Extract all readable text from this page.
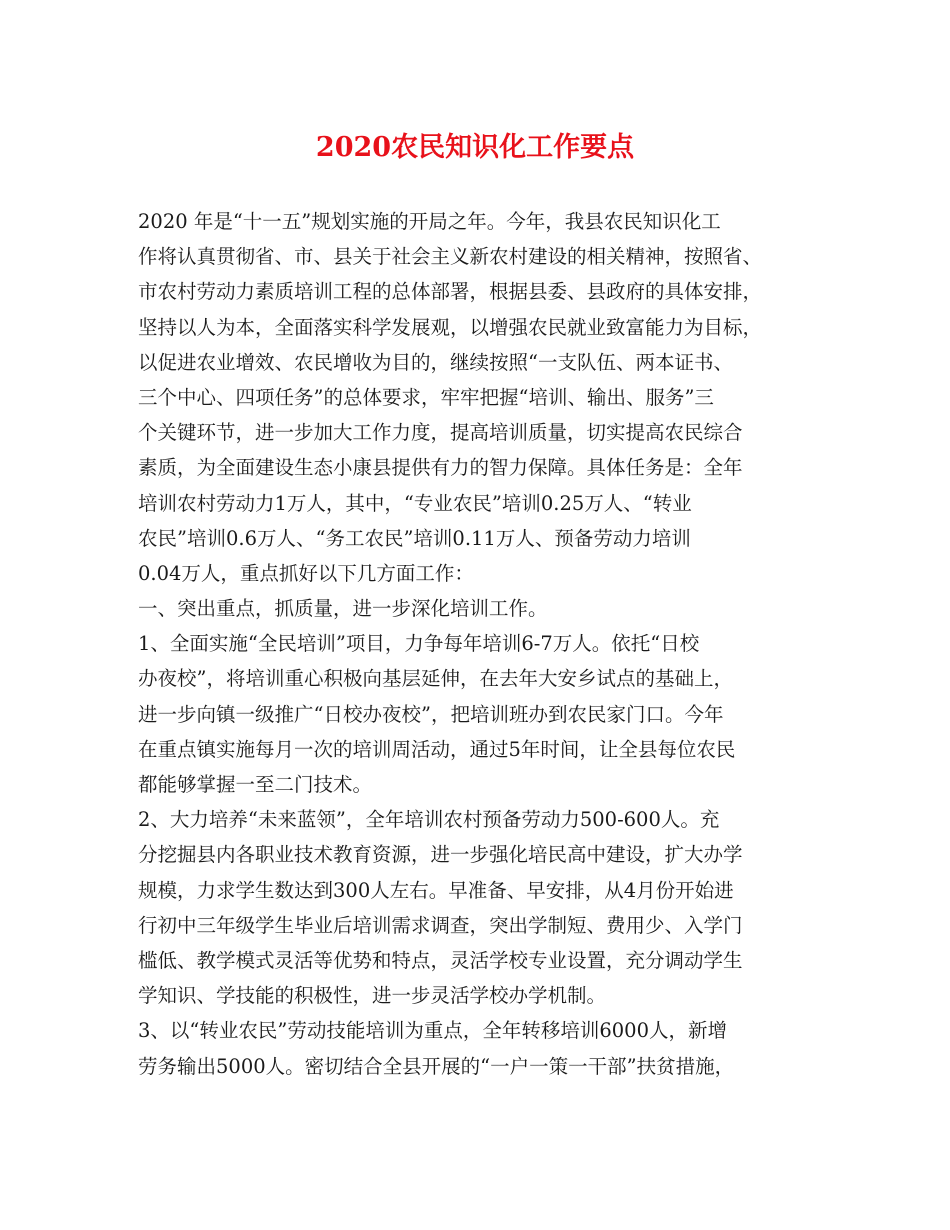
2020农民知识化工作要点
2020 年是“十一五”规划实施的开局之年。今年，我县农民知识化工
作将认真贯彻省、市、县关于社会主义新农村建设的相关精神，按照省、
市农村劳动力素质培训工程的总体部署，根据县委、县政府的具体安排，
坚持以人为本，全面落实科学发展观，以增强农民就业致富能力为目标，
以促进农业增效、农民增收为目的，继续按照“一支队伍、两本证书、
三个中心、四项任务”的总体要求，牢牢把握“培训、输出、服务”三
个关键环节，进一步加大工作力度，提高培训质量，切实提高农民综合
素质，为全面建设生态小康县提供有力的智力保障。具体任务是：全年
培训农村劳动力1万人，其中，“专业农民”培训0.25万人、“转业
农民”培训0.6万人、“务工农民”培训0.11万人、预备劳动力培训
0.04万人，重点抓好以下几方面工作：
一、突出重点，抓质量，进一步深化培训工作。
1、全面实施“全民培训”项目，力争每年培训6-7万人。依托“日校
办夜校”，将培训重心积极向基层延伸，在去年大安乡试点的基础上，
进一步向镇一级推广“日校办夜校”，把培训班办到农民家门口。今年
在重点镇实施每月一次的培训周活动，通过5年时间，让全县每位农民
都能够掌握一至二门技术。
2、大力培养“未来蓝领”，全年培训农村预备劳动力500-600人。充
分挖掘县内各职业技术教育资源，进一步强化培民高中建设，扩大办学
规模，力求学生数达到300人左右。早准备、早安排，从4月份开始进
行初中三年级学生毕业后培训需求调查，突出学制短、费用少、入学门
槛低、教学模式灵活等优势和特点，灵活学校专业设置，充分调动学生
学知识、学技能的积极性，进一步灵活学校办学机制。
3、以“转业农民”劳动技能培训为重点，全年转移培训6000人，新增
劳务输出5000人。密切结合全县开展的“一户一策一干部”扶贫措施，
